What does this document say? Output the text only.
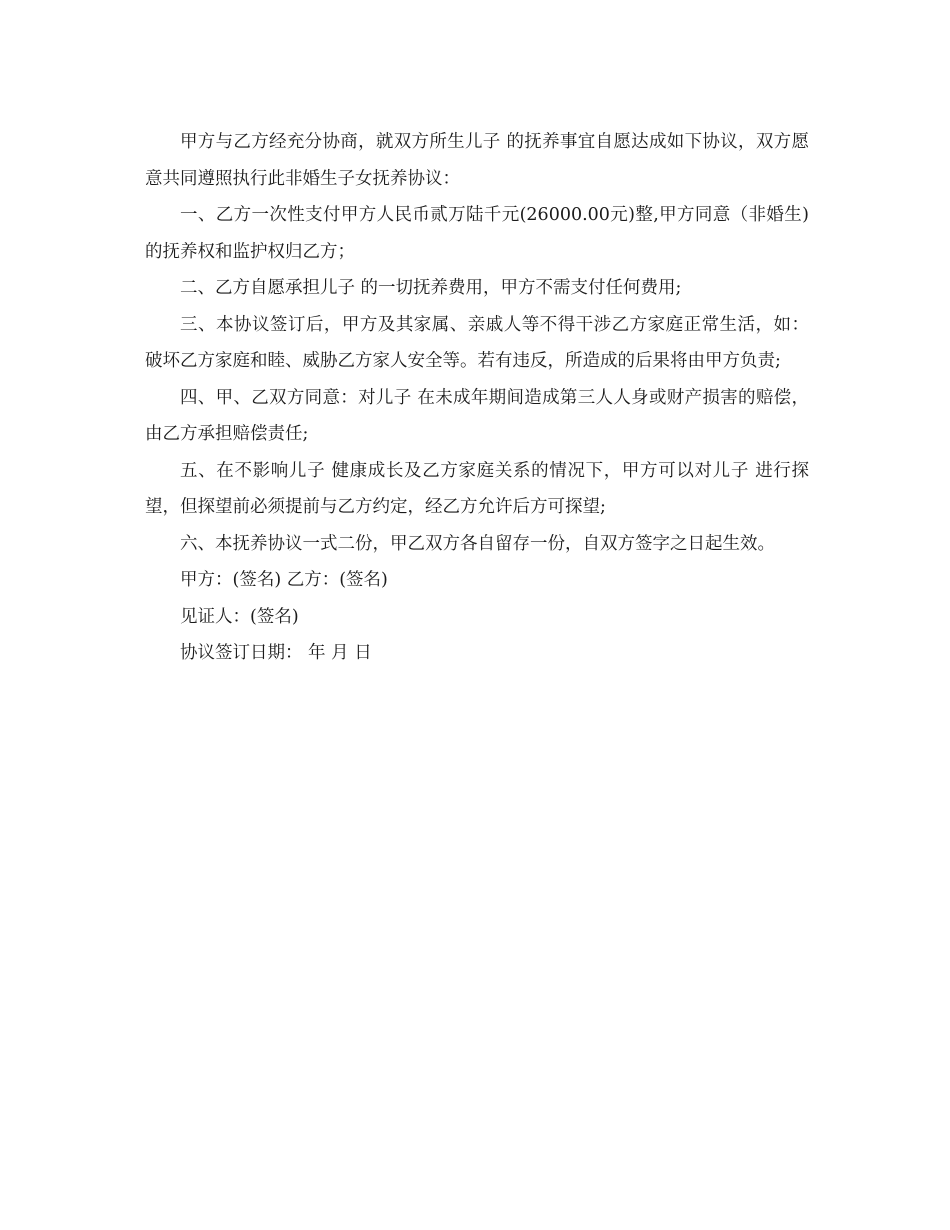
甲方与乙方经充分协商，就双方所生儿子 的抚养事宜自愿达成如下协议，双方愿意共同遵照执行此非婚生子女抚养协议：

一、乙方一次性支付甲方人民币贰万陆千元(26000.00元)整,甲方同意（非婚生)的抚养权和监护权归乙方；

二、乙方自愿承担儿子 的一切抚养费用，甲方不需支付任何费用;

三、本协议签订后，甲方及其家属、亲戚人等不得干涉乙方家庭正常生活，如：破坏乙方家庭和睦、威胁乙方家人安全等。若有违反，所造成的后果将由甲方负责;

四、甲、乙双方同意：对儿子 在未成年期间造成第三人人身或财产损害的赔偿，由乙方承担赔偿责任;

五、在不影响儿子 健康成长及乙方家庭关系的情况下，甲方可以对儿子 进行探望，但探望前必须提前与乙方约定，经乙方允许后方可探望;

六、本抚养协议一式二份，甲乙双方各自留存一份，自双方签字之日起生效。

甲方：(签名) 乙方：(签名)

见证人：(签名)

协议签订日期： 年 月 日
